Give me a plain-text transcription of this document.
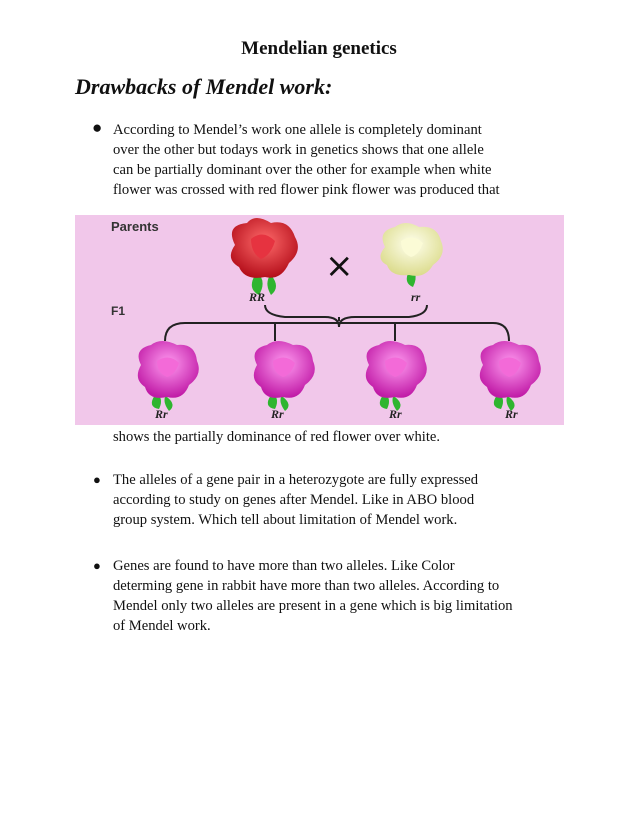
Mendelian genetics
Drawbacks of Mendel work:
● According to Mendel’s work one allele is completely dominant
over the other but todays work in genetics shows that one allele
can be partially dominant over the other for example when white
flower was crossed with red flower pink flower was produced that
Parents
F1
RR
×
rr
Rr	Rr	Rr	Rr
shows the partially dominance of red flower over white.
● The alleles of a gene pair in a heterozygote are fully expressed
according to study on genes after Mendel. Like in ABO blood
group system. Which tell about limitation of Mendel work.
● Genes are found to have more than two alleles. Like Color
determing gene in rabbit have more than two alleles. According to
Mendel only two alleles are present in a gene which is big limitation
of Mendel work.
